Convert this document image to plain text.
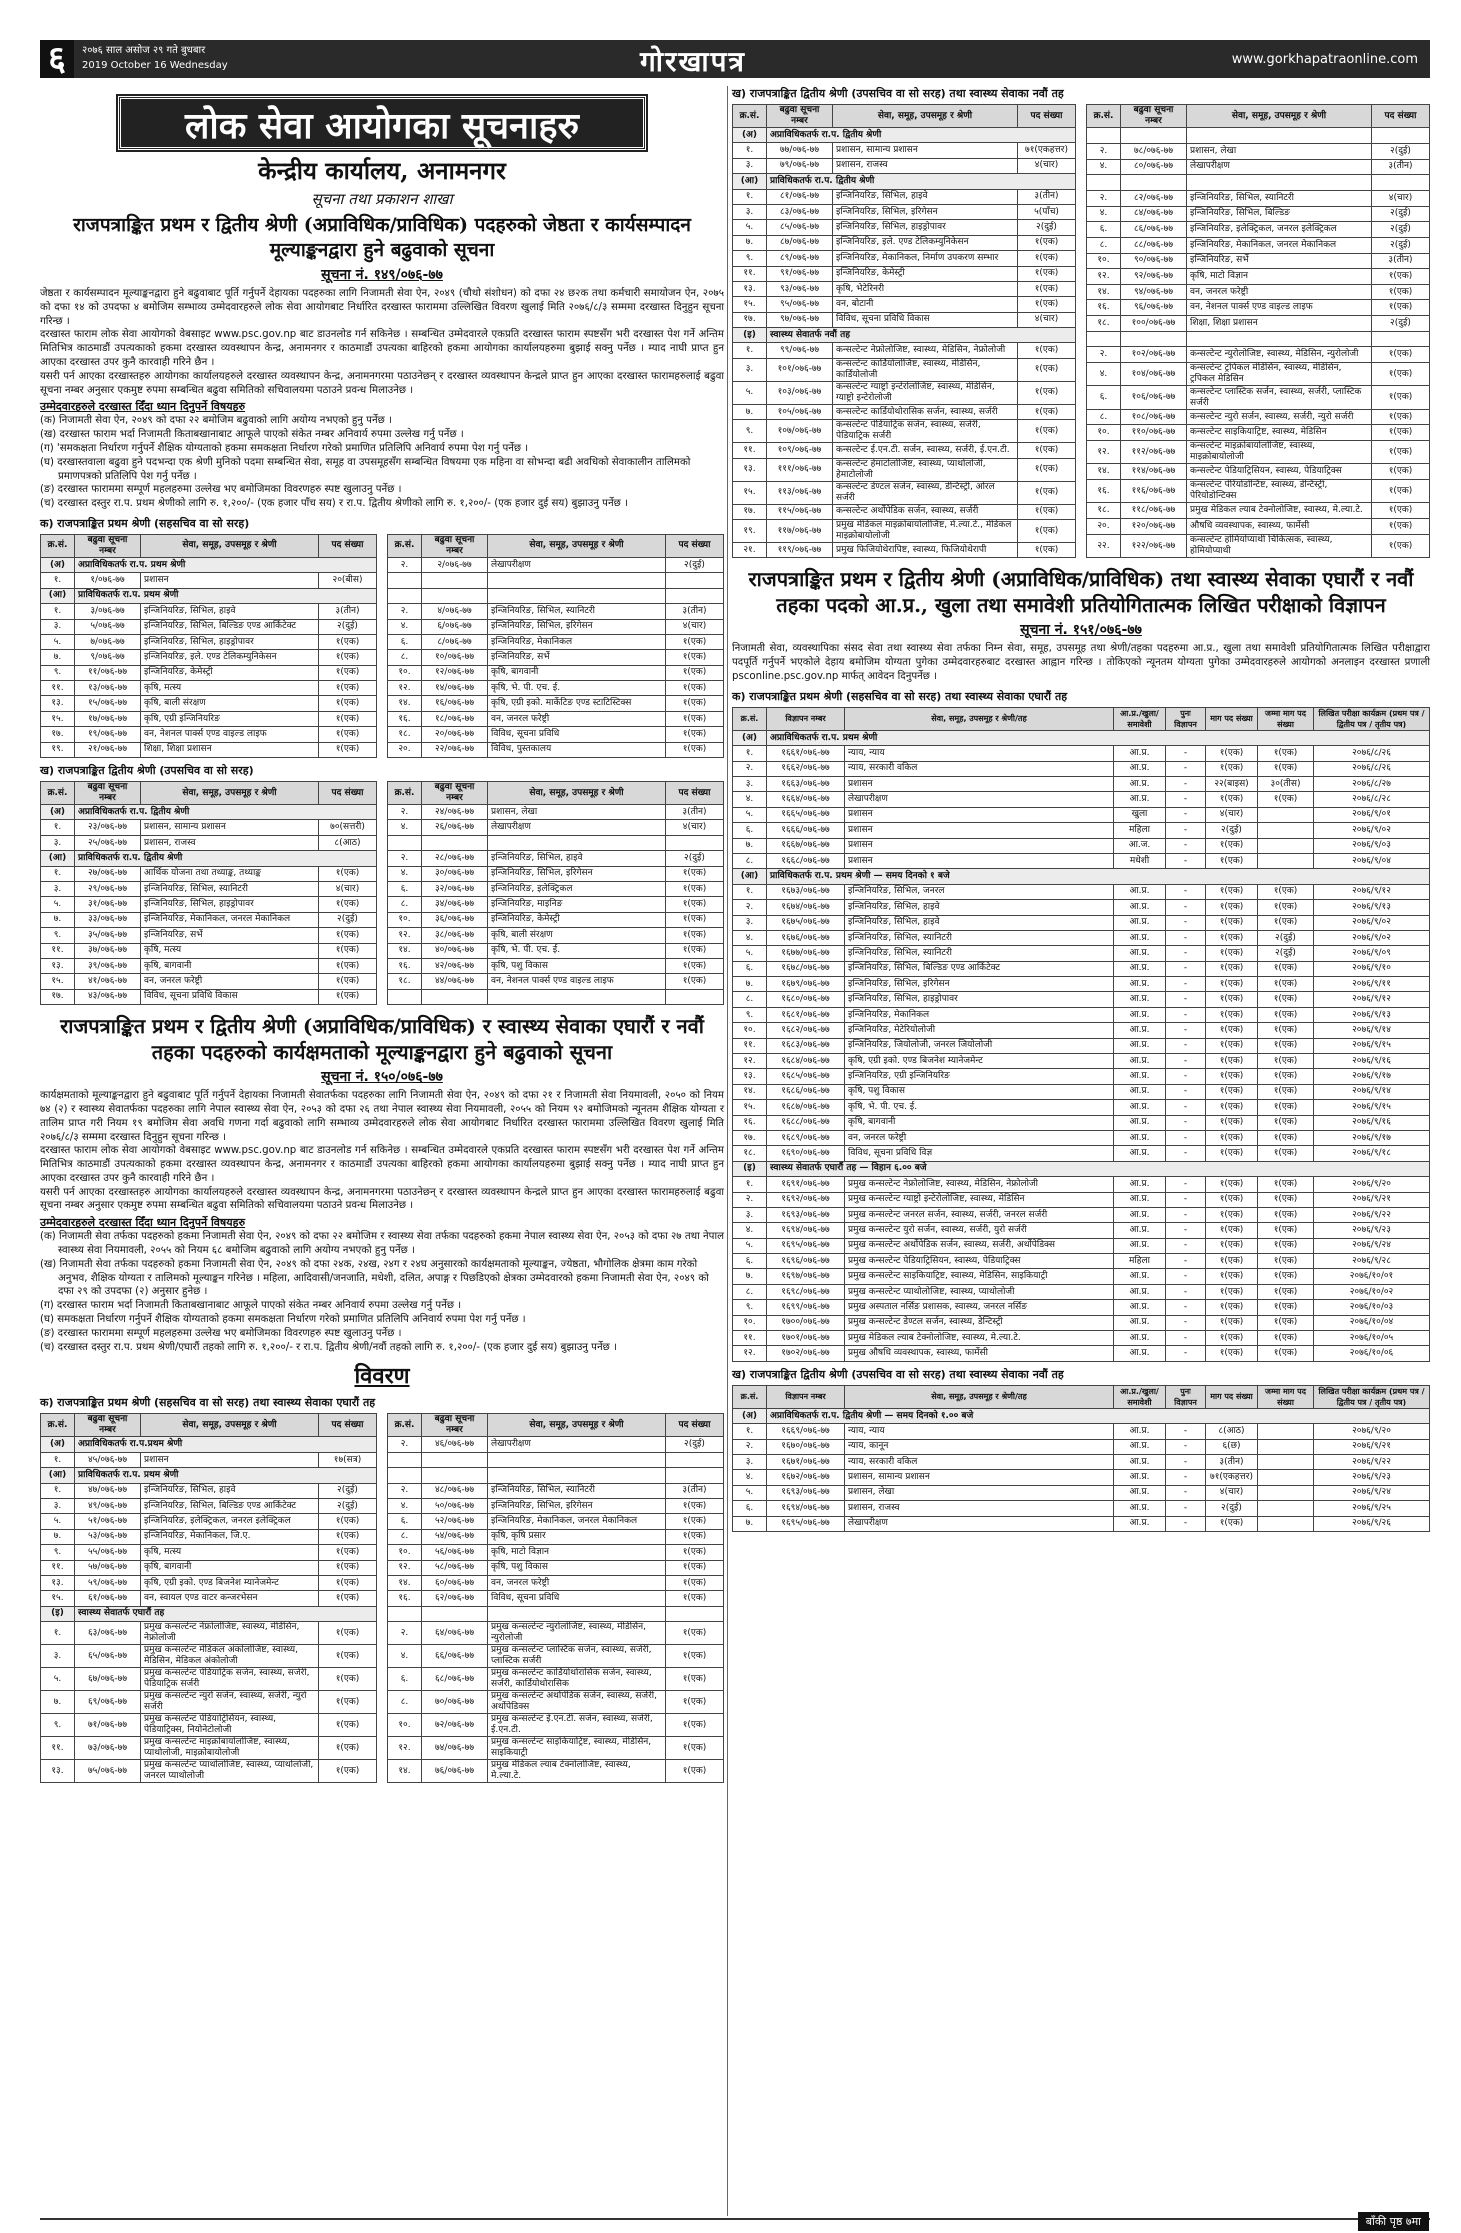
६	२०७६ साल असोज २९ गते बुधबार
2019 October 16 Wednesday	गोरखापत्र	www.gorkhapatraonline.com
लोक सेवा आयोगका सूचनाहरु
केन्द्रीय कार्यालय, अनामनगर
सूचना तथा प्रकाशन शाखा
राजपत्राङ्कित प्रथम र द्वितीय श्रेणी (अप्राविधिक/प्राविधिक) पदहरुको जेष्ठता र कार्यसम्पादन मूल्याङ्कनद्वारा हुने बढुवाको सूचना
सूचना नं. १४९/०७६-७७

जेष्ठता र कार्यसम्पादन मूल्याङ्कनद्वारा हुने बढुवाबाट पूर्ति गर्नुपर्ने देहायका पदहरुका लागि निजामती सेवा ऐन, २०४९ (चौथो संशोधन) को दफा २४ छ२क तथा कर्मचारी समायोजन ऐन, २०७५ को दफा १४ को उपदफा ४ बमोजिम सम्भाव्य उम्मेदवारहरुले लोक सेवा आयोगबाट निर्धारित दरखास्त फाराममा उल्लिखित विवरण खुलाई मिति २०७६/८/३ सम्ममा दरखास्त दिनुहुन सूचना गरिन्छ ।

दरखास्त फाराम लोक सेवा आयोगको वेबसाइट www.psc.gov.np बाट डाउनलोड गर्न सकिनेछ । सम्बन्धित उम्मेदवारले एकप्रति दरखास्त फाराम स्पष्टसँग भरी दरखास्त पेश गर्ने अन्तिम मितिभित्र काठमाडौं उपत्यकाको हकमा दरखास्त व्यवस्थापन केन्द्र, अनामनगर र काठमाडौं उपत्यका बाहिरको हकमा आयोगका कार्यालयहरुमा बुझाई सक्नु पर्नेछ । म्याद नाघी प्राप्त हुन आएका दरखास्त उपर कुनै कारवाही गरिने छैन ।

यसरी पर्न आएका दरखास्तहरु आयोगका कार्यालयहरुले दरखास्त व्यवस्थापन केन्द्र, अनामनगरमा पठाउनेछन् र दरखास्त व्यवस्थापन केन्द्रले प्राप्त हुन आएका दरखास्त फारामहरुलाई बढुवा सूचना नम्बर अनुसार एकमुष्ट रुपमा सम्बन्धित बढुवा समितिको सचिवालयमा पठाउने प्रवन्ध मिलाउनेछ ।

उम्मेदवारहरुले दरखास्त दिँदा ध्यान दिनुपर्ने विषयहरु
(क) निजामती सेवा ऐन, २०४९ को दफा २२ बमोजिम बढुवाको लागि अयोग्य नभएको हुनु पर्नेछ ।
(ख) दरखास्त फाराम भर्दा निजामती किताबखानाबाट आफूले पाएको संकेत नम्बर अनिवार्य रुपमा उल्लेख गर्नु पर्नेछ ।
(ग) 'समकक्षता निर्धारण गर्नुपर्ने शैक्षिक योग्यताको हकमा समकक्षता निर्धारण गरेको प्रमाणित प्रतिलिपि अनिवार्य रुपमा पेश गर्नु पर्नेछ ।
(घ) दरखास्तवाला बढुवा हुने पदभन्दा एक श्रेणी मुनिको पदमा सम्बन्धित सेवा, समूह वा उपसमूहसँग सम्बन्धित विषयमा एक महिना वा सोभन्दा बढी अवधिको सेवाकालीन तालिमको प्रमाणपत्रको प्रतिलिपि पेश गर्नु पर्नेछ ।
(ङ) दरखास्त फाराममा सम्पूर्ण महलहरुमा उल्लेख भए बमोजिमका विवरणहरु स्पष्ट खुलाउनु पर्नेछ ।
(च) दरखास्त दस्तुर रा.प. प्रथम श्रेणीको लागि रु. १,२००/- (एक हजार पाँच सय) र रा.प. द्वितीय श्रेणीको लागि रु. १,२००/- (एक हजार दुई सय) बुझाउनु पर्नेछ ।
क) राजपत्राङ्कित प्रथम श्रेणी (सहसचिव वा सो सरह)
क्र.सं.	बढुवा सूचना नम्बर	सेवा, समूह, उपसमूह र श्रेणी	पद संख्या
(अ)	अप्राविधिकतर्फ रा.प. प्रथम श्रेणी		
१.	१/०७६-७७	प्रशासन	२०(बीस)
(आ)	प्राविधिकतर्फ रा.प. प्रथम श्रेणी		
१.	३/०७६-७७	इन्जिनियरिङ, सिभिल, हाइवे	३(तीन)
३.	५/०७६-७७	इन्जिनियरिङ, सिभिल, बिल्डिङ एण्ड आर्किटेक्ट	२(दुई)
५.	७/०७६-७७	इन्जिनियरिङ, सिभिल, हाइड्रोपावर	१(एक)
७.	९/०७६-७७	इन्जिनियरिङ, इले. एण्ड टेलिकम्युनिकेसन	१(एक)
९.	११/०७६-७७	इन्जिनियरिङ, केमेस्ट्री	१(एक)
११.	१३/०७६-७७	कृषि, मत्स्य	१(एक)
१३.	१५/०७६-७७	कृषि, बाली संरक्षण	१(एक)
१५.	१७/०७६-७७	कृषि, एग्री इन्जिनियरिङ	१(एक)
१७.	१९/०७६-७७	वन, नेशनल पार्क्स एण्ड वाइल्ड लाइफ	१(एक)
१९.	२१/०७६-७७	शिक्षा, शिक्षा प्रशासन	१(एक)
क्र.सं.	बढुवा सूचना नम्बर	सेवा, समूह, उपसमूह र श्रेणी	पद संख्या
२.	२/०७६-७७	लेखापरीक्षण	२(दुई)

२.	४/०७६-७७	इन्जिनियरिङ, सिभिल, स्यानिटरी	३(तीन)
४.	६/०७६-७७	इन्जिनियरिङ, सिभिल, इरिगेसन	४(चार)
६.	८/०७६-७७	इन्जिनियरिङ, मेकानिकल	१(एक)
८.	१०/०७६-७७	इन्जिनियरिङ, सर्भे	१(एक)
१०.	१२/०७६-७७	कृषि, बागवानी	१(एक)
१२.	१४/०७६-७७	कृषि, भे. पी. एच. ई.	१(एक)
१४.	१६/०७६-७७	कृषि, एग्री इको. मार्केटिङ एण्ड स्टाटिस्टिक्स	१(एक)
१६.	१८/०७६-७७	वन, जनरल फरेष्ट्री	१(एक)
१८.	२०/०७६-७७	विविध, सूचना प्रविधि	१(एक)
२०.	२२/०७६-७७	विविध, पुस्तकालय	१(एक)
ख) राजपत्राङ्कित द्वितीय श्रेणी (उपसचिव वा सो सरह)
क्र.सं.	बढुवा सूचना नम्बर	सेवा, समूह, उपसमूह र श्रेणी	पद संख्या
(अ)	अप्राविधिकतर्फ रा.प. द्वितीय श्रेणी		
१.	२३/०७६-७७	प्रशासन, सामान्य प्रशासन	७०(सत्तरी)
३.	२५/०७६-७७	प्रशासन, राजस्व	८(आठ)
(आ)	प्राविधिकतर्फ रा.प. द्वितीय श्रेणी		
१.	२७/०७६-७७	आर्थिक योजना तथा तथ्याङ्क, तथ्याङ्क	१(एक)
३.	२९/०७६-७७	इन्जिनियरिङ, सिभिल, स्यानिटरी	४(चार)
५.	३१/०७६-७७	इन्जिनियरिङ, सिभिल, हाइड्रोपावर	१(एक)
७.	३३/०७६-७७	इन्जिनियरिङ, मेकानिकल, जनरल मेकानिकल	२(दुई)
९.	३५/०७६-७७	इन्जिनियरिङ, सर्भे	१(एक)
११.	३७/०७६-७७	कृषि, मत्स्य	१(एक)
१३.	३९/०७६-७७	कृषि, बागवानी	१(एक)
१५.	४१/०७६-७७	वन, जनरल फरेष्ट्री	१(एक)
१७.	४३/०७६-७७	विविध, सूचना प्रविधि विकास	१(एक)
क्र.सं.	बढुवा सूचना नम्बर	सेवा, समूह, उपसमूह र श्रेणी	पद संख्या
२.	२४/०७६-७७	प्रशासन, लेखा	३(तीन)
४.	२६/०७६-७७	लेखापरीक्षण	४(चार)

२.	२८/०७६-७७	इन्जिनियरिङ, सिभिल, हाइवे	२(दुई)
४.	३०/०७६-७७	इन्जिनियरिङ, सिभिल, इरिगेसन	१(एक)
६.	३२/०७६-७७	इन्जिनियरिङ, इलेक्ट्रिकल	१(एक)
८.	३४/०७६-७७	इन्जिनियरिङ, माइनिङ	१(एक)
१०.	३६/०७६-७७	इन्जिनियरिङ, केमेस्ट्री	१(एक)
१२.	३८/०७६-७७	कृषि, बाली संरक्षण	१(एक)
१४.	४०/०७६-७७	कृषि, भे. पी. एच. ई.	१(एक)
१६.	४२/०७६-७७	कृषि, पशु विकास	१(एक)
१८.	४४/०७६-७७	वन, नेशनल पार्क्स एण्ड वाइल्ड लाइफ	१(एक)

राजपत्राङ्कित प्रथम र द्वितीय श्रेणी (अप्राविधिक/प्राविधिक) र स्वास्थ्य सेवाका एघारौं र नवौं तहका पदहरुको कार्यक्षमताको मूल्याङ्कनद्वारा हुने बढुवाको सूचना
सूचना नं. १५०/०७६-७७

कार्यक्षमताको मूल्याङ्कनद्वारा हुने बढुवाबाट पूर्ति गर्नुपर्ने देहायका निजामती सेवातर्फका पदहरुका लागि निजामती सेवा ऐन, २०४९ को दफा २१ र निजामती सेवा नियमावली, २०५० को नियम ७४ (२) र स्वास्थ्य सेवातर्फका पदहरुका लागि नेपाल स्वास्थ्य सेवा ऐन, २०५३ को दफा २६ तथा नेपाल स्वास्थ्य सेवा नियमावली, २०५५ को नियम ९२ बमोजिमको न्यूनतम शैक्षिक योग्यता र तालिम प्राप्त गरी नियम १९ बमोजिम सेवा अवधि गणना गर्दा बढुवाको लागि सम्भाव्य उम्मेदवारहरुले लोक सेवा आयोगबाट निर्धारित दरखास्त फाराममा उल्लिखित विवरण खुलाई मिति २०७६/८/३ सम्ममा दरखास्त दिनुहुन सूचना गरिन्छ ।

दरखास्त फाराम लोक सेवा आयोगको वेबसाइट www.psc.gov.np बाट डाउनलोड गर्न सकिनेछ । सम्बन्धित उम्मेदवारले एकप्रति दरखास्त फाराम स्पष्टसँग भरी दरखास्त पेश गर्ने अन्तिम मितिभित्र काठमाडौं उपत्यकाको हकमा दरखास्त व्यवस्थापन केन्द्र, अनामनगर र काठमाडौं उपत्यका बाहिरको हकमा आयोगका कार्यालयहरुमा बुझाई सक्नु पर्नेछ । म्याद नाघी प्राप्त हुन आएका दरखास्त उपर कुनै कारवाही गरिने छैन ।

यसरी पर्न आएका दरखास्तहरु आयोगका कार्यालयहरुले दरखास्त व्यवस्थापन केन्द्र, अनामनगरमा पठाउनेछन् र दरखास्त व्यवस्थापन केन्द्रले प्राप्त हुन आएका दरखास्त फारामहरुलाई बढुवा सूचना नम्बर अनुसार एकमुष्ट रुपमा सम्बन्धित बढुवा समितिको सचिवालयमा पठाउने प्रवन्ध मिलाउनेछ ।

उम्मेदवारहरुले दरखास्त दिँदा ध्यान दिनुपर्ने विषयहरु
(क) निजामती सेवा तर्फका पदहरुको हकमा निजामती सेवा ऐन, २०४९ को दफा २२ बमोजिम र स्वास्थ्य सेवा तर्फका पदहरुको हकमा नेपाल स्वास्थ्य सेवा ऐन, २०५३ को दफा २७ तथा नेपाल स्वास्थ्य सेवा नियमावली, २०५५ को नियम ६८ बमोजिम बढुवाको लागि अयोग्य नभएको हुनु पर्नेछ ।
(ख) निजामती सेवा तर्फका पदहरुको हकमा निजामती सेवा ऐन, २०४९ को दफा २४क, २४ख, २४ग र २४घ अनुसारको कार्यक्षमताको मूल्याङ्कन, ज्येष्ठता, भौगोलिक क्षेत्रमा काम गरेको अनुभव, शैक्षिक योग्यता र तालिमको मूल्याङ्कन गरिनेछ । महिला, आदिवासी/जनजाति, मधेशी, दलित, अपाङ्ग र पिछडिएको क्षेत्रका उम्मेदवारको हकमा निजामती सेवा ऐन, २०४९ को दफा २९ को उपदफा (२) अनुसार हुनेछ ।
(ग) दरखास्त फाराम भर्दा निजामती किताबखानाबाट आफूले पाएको संकेत नम्बर अनिवार्य रुपमा उल्लेख गर्नु पर्नेछ ।
(घ) समकक्षता निर्धारण गर्नुपर्ने शैक्षिक योग्यताको हकमा समकक्षता निर्धारण गरेको प्रमाणित प्रतिलिपि अनिवार्य रुपमा पेश गर्नु पर्नेछ ।
(ङ) दरखास्त फाराममा सम्पूर्ण महलहरुमा उल्लेख भए बमोजिमका विवरणहरु स्पष्ट खुलाउनु पर्नेछ ।
(च) दरखास्त दस्तुर रा.प. प्रथम श्रेणी/एघारौं तहको लागि रु. १,२००/- र रा.प. द्वितीय श्रेणी/नवौं तहको लागि रु. १,२००/- (एक हजार दुई सय) बुझाउनु पर्नेछ ।
विवरण
क) राजपत्राङ्कित प्रथम श्रेणी (सहसचिव वा सो सरह) तथा स्वास्थ्य सेवाका एघारौं तह
क्र.सं.	बढुवा सूचना नम्बर	सेवा, समूह, उपसमूह र श्रेणी	पद संख्या
(अ)	अप्राविधिकतर्फ रा.प.प्रथम श्रेणी		
१.	४५/०७६-७७	प्रशासन	१७(सत्र)
(आ)	प्राविधिकतर्फ रा.प. प्रथम श्रेणी		
१.	४७/०७६-७७	इन्जिनियरिङ, सिभिल, हाइवे	२(दुई)
३.	४९/०७६-७७	इन्जिनियरिङ, सिभिल, बिल्डिङ एण्ड आर्किटेक्ट	२(दुई)
५.	५१/०७६-७७	इन्जिनियरिङ, इलेक्ट्रिकल, जनरल इलेक्ट्रिकल	१(एक)
७.	५३/०७६-७७	इन्जिनियरिङ, मेकानिकल, जि.ए.	१(एक)
९.	५५/०७६-७७	कृषि, मत्स्य	१(एक)
११.	५७/०७६-७७	कृषि, बागवानी	१(एक)
१३.	५९/०७६-७७	कृषि, एग्री इको. एण्ड बिजनेश म्यानेजमेन्ट	१(एक)
१५.	६१/०७६-७७	वन, स्वायल एण्ड वाटर कन्जरभेसन	१(एक)
(इ)	स्वास्थ्य सेवातर्फ एघारौं तह		
१.	६३/०७६-७७	प्रमुख कन्सल्टेन्ट नेफ्रोलोजिष्ट, स्वास्थ्य, मेडिसिन, नेफ्रोलोजी	१(एक)
३.	६५/०७६-७७	प्रमुख कन्सल्टेन्ट मेडिकल अंकोलोजिष्ट, स्वास्थ्य, मेडिसिन, मेडिकल अंकोलोजी	१(एक)
५.	६७/०७६-७७	प्रमुख कन्सल्टेन्ट पेडियाट्रिक सर्जन, स्वास्थ्य, सर्जरी, पेडियाट्रिक सर्जरी	१(एक)
७.	६९/०७६-७७	प्रमुख कन्सल्टेन्ट न्युरो सर्जन, स्वास्थ्य, सर्जरी, न्युरो सर्जरी	१(एक)
९.	७१/०७६-७७	प्रमुख कन्सल्टेन्ट पेडियाट्रिसियन, स्वास्थ्य, पेडियाट्रिक्स, नियोनेटोलोजी	१(एक)
११.	७३/०७६-७७	प्रमुख कन्सल्टेन्ट माइक्रोबायोलोजिष्ट, स्वास्थ्य, प्याथोलोजी, माइक्रोबायोलोजी	१(एक)
१३.	७५/०७६-७७	प्रमुख कन्सल्टेन्ट प्याथोलोजिष्ट, स्वास्थ्य, प्याथोलोजी, जनरल प्याथोलोजी	१(एक)
क्र.सं.	बढुवा सूचना नम्बर	सेवा, समूह, उपसमूह र श्रेणी	पद संख्या
२.	४६/०७६-७७	लेखापरीक्षण	२(दुई)

२.	४८/०७६-७७	इन्जिनियरिङ, सिभिल, स्यानिटरी	३(तीन)
४.	५०/०७६-७७	इन्जिनियरिङ, सिभिल, इरिगेसन	१(एक)
६.	५२/०७६-७७	इन्जिनियरिङ, मेकानिकल, जनरल मेकानिकल	१(एक)
८.	५४/०७६-७७	कृषि, कृषि प्रसार	१(एक)
१०.	५६/०७६-७७	कृषि, माटो विज्ञान	१(एक)
१२.	५८/०७६-७७	कृषि, पशु विकास	१(एक)
१४.	६०/०७६-७७	वन, जनरल फरेष्ट्री	१(एक)
१६.	६२/०७६-७७	विविध, सूचना प्रविधि	१(एक)

२.	६४/०७६-७७	प्रमुख कन्सल्टेन्ट न्युरोलोजिष्ट, स्वास्थ्य, मेडिसिन, न्युरोलोजी	१(एक)
४.	६६/०७६-७७	प्रमुख कन्सल्टेन्ट प्लास्टिक सर्जन, स्वास्थ्य, सर्जरी, प्लास्टिक सर्जरी	१(एक)
६.	६८/०७६-७७	प्रमुख कन्सल्टेन्ट कार्डियोथोरासिक सर्जन, स्वास्थ्य, सर्जरी, कार्डियोथोरासिक	१(एक)
८.	७०/०७६-७७	प्रमुख कन्सल्टेन्ट अर्थोपेडिक सर्जन, स्वास्थ्य, सर्जरी, अर्थोपेडिक्स	१(एक)
१०.	७२/०७६-७७	प्रमुख कन्सल्टेन्ट ई.एन.टी. सर्जन, स्वास्थ्य, सर्जरी, ई.एन.टी.	१(एक)
१२.	७४/०७६-७७	प्रमुख कन्सल्टेन्ट साइकियाट्रिष्ट, स्वास्थ्य, मेडिसिन, साइकियाट्री	१(एक)
१४.	७६/०७६-७७	प्रमुख मेडिकल ल्याब टेक्नोलोजिष्ट, स्वास्थ्य, मे.ल्या.टे.	१(एक)
ख) राजपत्राङ्कित द्वितीय श्रेणी (उपसचिव वा सो सरह) तथा स्वास्थ्य सेवाका नवौं तह
क्र.सं.	बढुवा सूचना नम्बर	सेवा, समूह, उपसमूह र श्रेणी	पद संख्या
(अ)	अप्राविधिकतर्फ रा.प. द्वितीय श्रेणी		
१.	७७/०७६-७७	प्रशासन, सामान्य प्रशासन	७१(एकहत्तर)
३.	७९/०७६-७७	प्रशासन, राजस्व	४(चार)
(आ)	प्राविधिकतर्फ रा.प. द्वितीय श्रेणी		
१.	८१/०७६-७७	इन्जिनियरिङ, सिभिल, हाइवे	३(तीन)
३.	८३/०७६-७७	इन्जिनियरिङ, सिभिल, इरिगेसन	५(पाँच)
५.	८५/०७६-७७	इन्जिनियरिङ, सिभिल, हाइड्रोपावर	२(दुई)
७.	८७/०७६-७७	इन्जिनियरिङ, इले. एण्ड टेलिकम्युनिकेसन	१(एक)
९.	८९/०७६-७७	इन्जिनियरिङ, मेकानिकल, निर्माण उपकरण सम्भार	१(एक)
११.	९१/०७६-७७	इन्जिनियरिङ, केमेस्ट्री	१(एक)
१३.	९३/०७६-७७	कृषि, भेटेरिनरी	१(एक)
१५.	९५/०७६-७७	वन, बोटानी	१(एक)
१७.	९७/०७६-७७	विविध, सूचना प्रविधि विकास	४(चार)
(इ)	स्वास्थ्य सेवातर्फ नवौं तह		
१.	९९/०७६-७७	कन्सल्टेन्ट नेफ्रोलोजिष्ट, स्वास्थ्य, मेडिसिन, नेफ्रोलोजी	१(एक)
३.	१०१/०७६-७७	कन्सल्टेन्ट कार्डियोलोजिष्ट, स्वास्थ्य, मेडिसिन, कार्डियोलोजी	१(एक)
५.	१०३/०७६-७७	कन्सल्टेन्ट ग्याष्ट्रो इन्टेरोलोजिष्ट, स्वास्थ्य, मेडिसिन, ग्याष्ट्रो इन्टेरोलोजी	१(एक)
७.	१०५/०७६-७७	कन्सल्टेन्ट कार्डियोथोरासिक सर्जन, स्वास्थ्य, सर्जरी	१(एक)
९.	१०७/०७६-७७	कन्सल्टेन्ट पेडियाट्रिक सर्जन, स्वास्थ्य, सर्जरी, पेडियाट्रिक सर्जरी	१(एक)
११.	१०९/०७६-७७	कन्सल्टेन्ट ई.एन.टी. सर्जन, स्वास्थ्य, सर्जरी, ई.एन.टी.	१(एक)
१३.	१११/०७६-७७	कन्सल्टेन्ट हेमाटोलोजिष्ट, स्वास्थ्य, प्याथोलोजी, हेमाटोलोजी	१(एक)
१५.	११३/०७६-७७	कन्सल्टेन्ट डेण्टल सर्जन, स्वास्थ्य, डेन्टिस्ट्री, ओरल सर्जरी	१(एक)
१७.	११५/०७६-७७	कन्सल्टेन्ट अर्थोपेडिक सर्जन, स्वास्थ्य, सर्जरी	१(एक)
१९.	११७/०७६-७७	प्रमुख मेडिकल माइक्रोबायोलोजिष्ट, मे.ल्या.टे., मेडिकल माइक्रोबायोलोजी	१(एक)
२१.	११९/०७६-७७	प्रमुख फिजियोथेरापिष्ट, स्वास्थ्य, फिजियोथेरापी	१(एक)
क्र.सं.	बढुवा सूचना नम्बर	सेवा, समूह, उपसमूह र श्रेणी	पद संख्या

२.	७८/०७६-७७	प्रशासन, लेखा	२(दुई)
४.	८०/०७६-७७	लेखापरीक्षण	३(तीन)

२.	८२/०७६-७७	इन्जिनियरिङ, सिभिल, स्यानिटरी	४(चार)
४.	८४/०७६-७७	इन्जिनियरिङ, सिभिल, बिल्डिङ	२(दुई)
६.	८६/०७६-७७	इन्जिनियरिङ, इलेक्ट्रिकल, जनरल इलेक्ट्रिकल	२(दुई)
८.	८८/०७६-७७	इन्जिनियरिङ, मेकानिकल, जनरल मेकानिकल	२(दुई)
१०.	९०/०७६-७७	इन्जिनियरिङ, सर्भे	३(तीन)
१२.	९२/०७६-७७	कृषि, माटो विज्ञान	१(एक)
१४.	९४/०७६-७७	वन, जनरल फरेष्ट्री	१(एक)
१६.	९६/०७६-७७	वन, नेशनल पार्क्स एण्ड वाइल्ड लाइफ	१(एक)
१८.	१००/०७६-७७	शिक्षा, शिक्षा प्रशासन	२(दुई)

२.	१०२/०७६-७७	कन्सल्टेन्ट न्युरोलोजिष्ट, स्वास्थ्य, मेडिसिन, न्युरोलोजी	१(एक)
४.	१०४/०७६-७७	कन्सल्टेन्ट ट्रपिकल मेडिसिन, स्वास्थ्य, मेडिसिन, ट्रपिकल मेडिसिन	१(एक)
६.	१०६/०७६-७७	कन्सल्टेन्ट प्लास्टिक सर्जन, स्वास्थ्य, सर्जरी, प्लास्टिक सर्जरी	१(एक)
८.	१०८/०७६-७७	कन्सल्टेन्ट न्युरो सर्जन, स्वास्थ्य, सर्जरी, न्युरो सर्जरी	१(एक)
१०.	११०/०७६-७७	कन्सल्टेन्ट साइकियाट्रिष्ट, स्वास्थ्य, मेडिसिन	१(एक)
१२.	११२/०७६-७७	कन्सल्टेन्ट माइक्रोबायोलोजिष्ट, स्वास्थ्य, माइक्रोबायोलोजी	१(एक)
१४.	११४/०७६-७७	कन्सल्टेन्ट पेडियाट्रिसियन, स्वास्थ्य, पेडियाट्रिक्स	१(एक)
१६.	११६/०७६-७७	कन्सल्टेन्ट पेरियोडोन्टिष्ट, स्वास्थ्य, डेन्टिस्ट्री, पेरियोडोन्टिक्स	१(एक)
१८.	११८/०७६-७७	प्रमुख मेडिकल ल्याब टेक्नोलोजिष्ट, स्वास्थ्य, मे.ल्या.टे.	१(एक)
२०.	१२०/०७६-७७	औषधि व्यवस्थापक, स्वास्थ्य, फार्मेसी	१(एक)
२२.	१२२/०७६-७७	कन्सल्टेन्ट होमियोप्याथी चिकित्सक, स्वास्थ्य, होमियोप्याथी	१(एक)
राजपत्राङ्कित प्रथम र द्वितीय श्रेणी (अप्राविधिक/प्राविधिक) तथा स्वास्थ्य सेवाका एघारौं र नवौं तहका पदको आ.प्र., खुला तथा समावेशी प्रतियोगितात्मक लिखित परीक्षाको विज्ञापन
सूचना नं. १५१/०७६-७७

निजामती सेवा, व्यवस्थापिका संसद सेवा तथा स्वास्थ्य सेवा तर्फका निम्न सेवा, समूह, उपसमूह तथा श्रेणी/तहका पदहरुमा आ.प्र., खुला तथा समावेशी प्रतियोगितात्मक लिखित परीक्षाद्वारा पदपूर्ति गर्नुपर्ने भएकोले देहाय बमोजिम योग्यता पुगेका उम्मेदवारहरुबाट दरखास्त आह्वान गरिन्छ । तोकिएको न्यूनतम योग्यता पुगेका उम्मेदवारहरुले आयोगको अनलाइन दरखास्त प्रणाली psconline.psc.gov.np मार्फत् आवेदन दिनुपर्नेछ ।

क) राजपत्राङ्कित प्रथम श्रेणी (सहसचिव वा सो सरह) तथा स्वास्थ्य सेवाका एघारौं तह
क्र.सं.	विज्ञापन नम्बर	सेवा, समूह, उपसमूह र श्रेणी/तह	आ.प्र./खुला/समावेशी	पुनः विज्ञापन	माग पद संख्या	जम्मा माग पद संख्या	लिखित परीक्षा कार्यक्रम (प्रथम पत्र / द्वितीय पत्र / तृतीय पत्र)
(अ)	अप्राविधिकतर्फ रा.प. प्रथम श्रेणी						
१.	१६६१/०७६-७७	न्याय, न्याय	आ.प्र.	-	१(एक)	१(एक)	२०७६/८/२६
२.	१६६२/०७६-७७	न्याय, सरकारी वकिल	आ.प्र.	-	१(एक)	१(एक)	२०७६/८/२६
३.	१६६३/०७६-७७	प्रशासन	आ.प्र.	-	२२(बाइस)	३०(तीस)	२०७६/८/२७
४.	१६६४/०७६-७७	लेखापरीक्षण	आ.प्र.	-	१(एक)	१(एक)	२०७६/८/२८
५.	१६६५/०७६-७७	प्रशासन	खुला	-	४(चार)		२०७६/९/०१
६.	१६६६/०७६-७७	प्रशासन	महिला	-	२(दुई)		२०७६/९/०२
७.	१६६७/०७६-७७	प्रशासन	आ.ज.	-	१(एक)		२०७६/९/०३
८.	१६६८/०७६-७७	प्रशासन	मधेशी	-	१(एक)		२०७६/९/०४
(आ)	प्राविधिकतर्फ रा.प. प्रथम श्रेणी — समय दिनको १ बजे						
१.	१६७३/०७६-७७	इन्जिनियरिङ, सिभिल, जनरल	आ.प्र.	-	१(एक)	१(एक)	२०७६/९/१२
२.	१६७४/०७६-७७	इन्जिनियरिङ, सिभिल, हाइवे	आ.प्र.	-	१(एक)	१(एक)	२०७६/९/१३
३.	१६७५/०७६-७७	इन्जिनियरिङ, सिभिल, हाइवे	आ.प्र.	-	१(एक)	१(एक)	२०७६/९/०२
४.	१६७६/०७६-७७	इन्जिनियरिङ, सिभिल, स्यानिटरी	आ.प्र.	-	१(एक)	२(दुई)	२०७६/९/०२
५.	१६७७/०७६-७७	इन्जिनियरिङ, सिभिल, स्यानिटरी	आ.प्र.	-	१(एक)	२(दुई)	२०७६/९/०९
६.	१६७८/०७६-७७	इन्जिनियरिङ, सिभिल, बिल्डिङ एण्ड आर्किटेक्ट	आ.प्र.	-	१(एक)	१(एक)	२०७६/९/१०
७.	१६७९/०७६-७७	इन्जिनियरिङ, सिभिल, इरिगेसन	आ.प्र.	-	१(एक)	१(एक)	२०७६/९/११
८.	१६८०/०७६-७७	इन्जिनियरिङ, सिभिल, हाइड्रोपावर	आ.प्र.	-	१(एक)	१(एक)	२०७६/९/१२
९.	१६८१/०७६-७७	इन्जिनियरिङ, मेकानिकल	आ.प्र.	-	१(एक)	१(एक)	२०७६/९/१३
१०.	१६८२/०७६-७७	इन्जिनियरिङ, मेटेरियोलोजी	आ.प्र.	-	१(एक)	१(एक)	२०७६/९/१४
११.	१६८३/०७६-७७	इन्जिनियरिङ, जियोलोजी, जनरल जियोलोजी	आ.प्र.	-	१(एक)	१(एक)	२०७६/९/१५
१२.	१६८४/०७६-७७	कृषि, एग्री इको. एण्ड बिजनेश म्यानेजमेन्ट	आ.प्र.	-	१(एक)	१(एक)	२०७६/९/१६
१३.	१६८५/०७६-७७	इन्जिनियरिङ, एग्री इन्जिनियरिङ	आ.प्र.	-	१(एक)	१(एक)	२०७६/९/१७
१४.	१६८६/०७६-७७	कृषि, पशु विकास	आ.प्र.	-	१(एक)	१(एक)	२०७६/९/१४
१५.	१६८७/०७६-७७	कृषि, भे. पी. एच. ई.	आ.प्र.	-	१(एक)	१(एक)	२०७६/९/१५
१६.	१६८८/०७६-७७	कृषि, बागवानी	आ.प्र.	-	१(एक)	१(एक)	२०७६/९/१६
१७.	१६८९/०७६-७७	वन, जनरल फरेष्ट्री	आ.प्र.	-	१(एक)	१(एक)	२०७६/९/१७
१८.	१६९०/०७६-७७	विविध, सूचना प्रविधि विज्ञ	आ.प्र.	-	१(एक)	१(एक)	२०७६/९/१८
(इ)	स्वास्थ्य सेवातर्फ एघारौं तह — विहान ६.०० बजे						
१.	१६९१/०७६-७७	प्रमुख कन्सल्टेन्ट नेफ्रोलोजिष्ट, स्वास्थ्य, मेडिसिन, नेफ्रोलोजी	आ.प्र.	-	१(एक)	१(एक)	२०७६/९/२०
२.	१६९२/०७६-७७	प्रमुख कन्सल्टेन्ट ग्याष्ट्रो इन्टेरोलोजिष्ट, स्वास्थ्य, मेडिसिन	आ.प्र.	-	१(एक)	१(एक)	२०७६/९/२१
३.	१६९३/०७६-७७	प्रमुख कन्सल्टेन्ट जनरल सर्जन, स्वास्थ्य, सर्जरी, जनरल सर्जरी	आ.प्र.	-	१(एक)	१(एक)	२०७६/९/२२
४.	१६९४/०७६-७७	प्रमुख कन्सल्टेन्ट युरो सर्जन, स्वास्थ्य, सर्जरी, युरो सर्जरी	आ.प्र.	-	१(एक)	१(एक)	२०७६/९/२३
५.	१६९५/०७६-७७	प्रमुख कन्सल्टेन्ट अर्थोपेडिक सर्जन, स्वास्थ्य, सर्जरी, अर्थोपेडिक्स	आ.प्र.	-	१(एक)	१(एक)	२०७६/९/२४
६.	१६९६/०७६-७७	प्रमुख कन्सल्टेन्ट पेडियाट्रिसियन, स्वास्थ्य, पेडियाट्रिक्स	महिला	-	१(एक)	१(एक)	२०७६/९/२८
७.	१६९७/०७६-७७	प्रमुख कन्सल्टेन्ट साइकियाट्रिष्ट, स्वास्थ्य, मेडिसिन, साइकियाट्री	आ.प्र.	-	१(एक)	१(एक)	२०७६/१०/०१
८.	१६९८/०७६-७७	प्रमुख कन्सल्टेन्ट प्याथोलोजिष्ट, स्वास्थ्य, प्याथोलोजी	आ.प्र.	-	१(एक)	१(एक)	२०७६/१०/०२
९.	१६९९/०७६-७७	प्रमुख अस्पताल नर्सिङ प्रशासक, स्वास्थ्य, जनरल नर्सिङ	आ.प्र.	-	१(एक)	१(एक)	२०७६/१०/०३
१०.	१७००/०७६-७७	प्रमुख कन्सल्टेन्ट डेण्टल सर्जन, स्वास्थ्य, डेन्टिस्ट्री	आ.प्र.	-	१(एक)	१(एक)	२०७६/१०/०४
११.	१७०१/०७६-७७	प्रमुख मेडिकल ल्याब टेक्नोलोजिष्ट, स्वास्थ्य, मे.ल्या.टे.	आ.प्र.	-	१(एक)	१(एक)	२०७६/१०/०५
१२.	१७०२/०७६-७७	प्रमुख औषधि व्यवस्थापक, स्वास्थ्य, फार्मेसी	आ.प्र.	-	१(एक)	१(एक)	२०७६/१०/०६
ख) राजपत्राङ्कित द्वितीय श्रेणी (उपसचिव वा सो सरह) तथा स्वास्थ्य सेवाका नवौं तह
क्र.सं.	विज्ञापन नम्बर	सेवा, समूह, उपसमूह र श्रेणी/तह	आ.प्र./खुला/समावेशी	पुनः विज्ञापन	माग पद संख्या	जम्मा माग पद संख्या	लिखित परीक्षा कार्यक्रम (प्रथम पत्र / द्वितीय पत्र / तृतीय पत्र)
(अ)	अप्राविधिकतर्फ रा.प. द्वितीय श्रेणी — समय दिनको १.०० बजे						
१.	१६६९/०७६-७७	न्याय, न्याय	आ.प्र.	-	८(आठ)		२०७६/९/२०
२.	१६७०/०७६-७७	न्याय, कानून	आ.प्र.	-	६(छ)		२०७६/९/२१
३.	१६७१/०७६-७७	न्याय, सरकारी वकिल	आ.प्र.	-	३(तीन)		२०७६/९/२२
४.	१६७२/०७६-७७	प्रशासन, सामान्य प्रशासन	आ.प्र.	-	७१(एकहत्तर)		२०७६/९/२३
५.	१६९३/०७६-७७	प्रशासन, लेखा	आ.प्र.	-	४(चार)		२०७६/९/२४
६.	१६९४/०७६-७७	प्रशासन, राजस्व	आ.प्र.	-	२(दुई)		२०७६/९/२५
७.	१६९५/०७६-७७	लेखापरीक्षण	आ.प्र.	-	१(एक)		२०७६/९/२६
बाँकी पृष्ठ ७मा
